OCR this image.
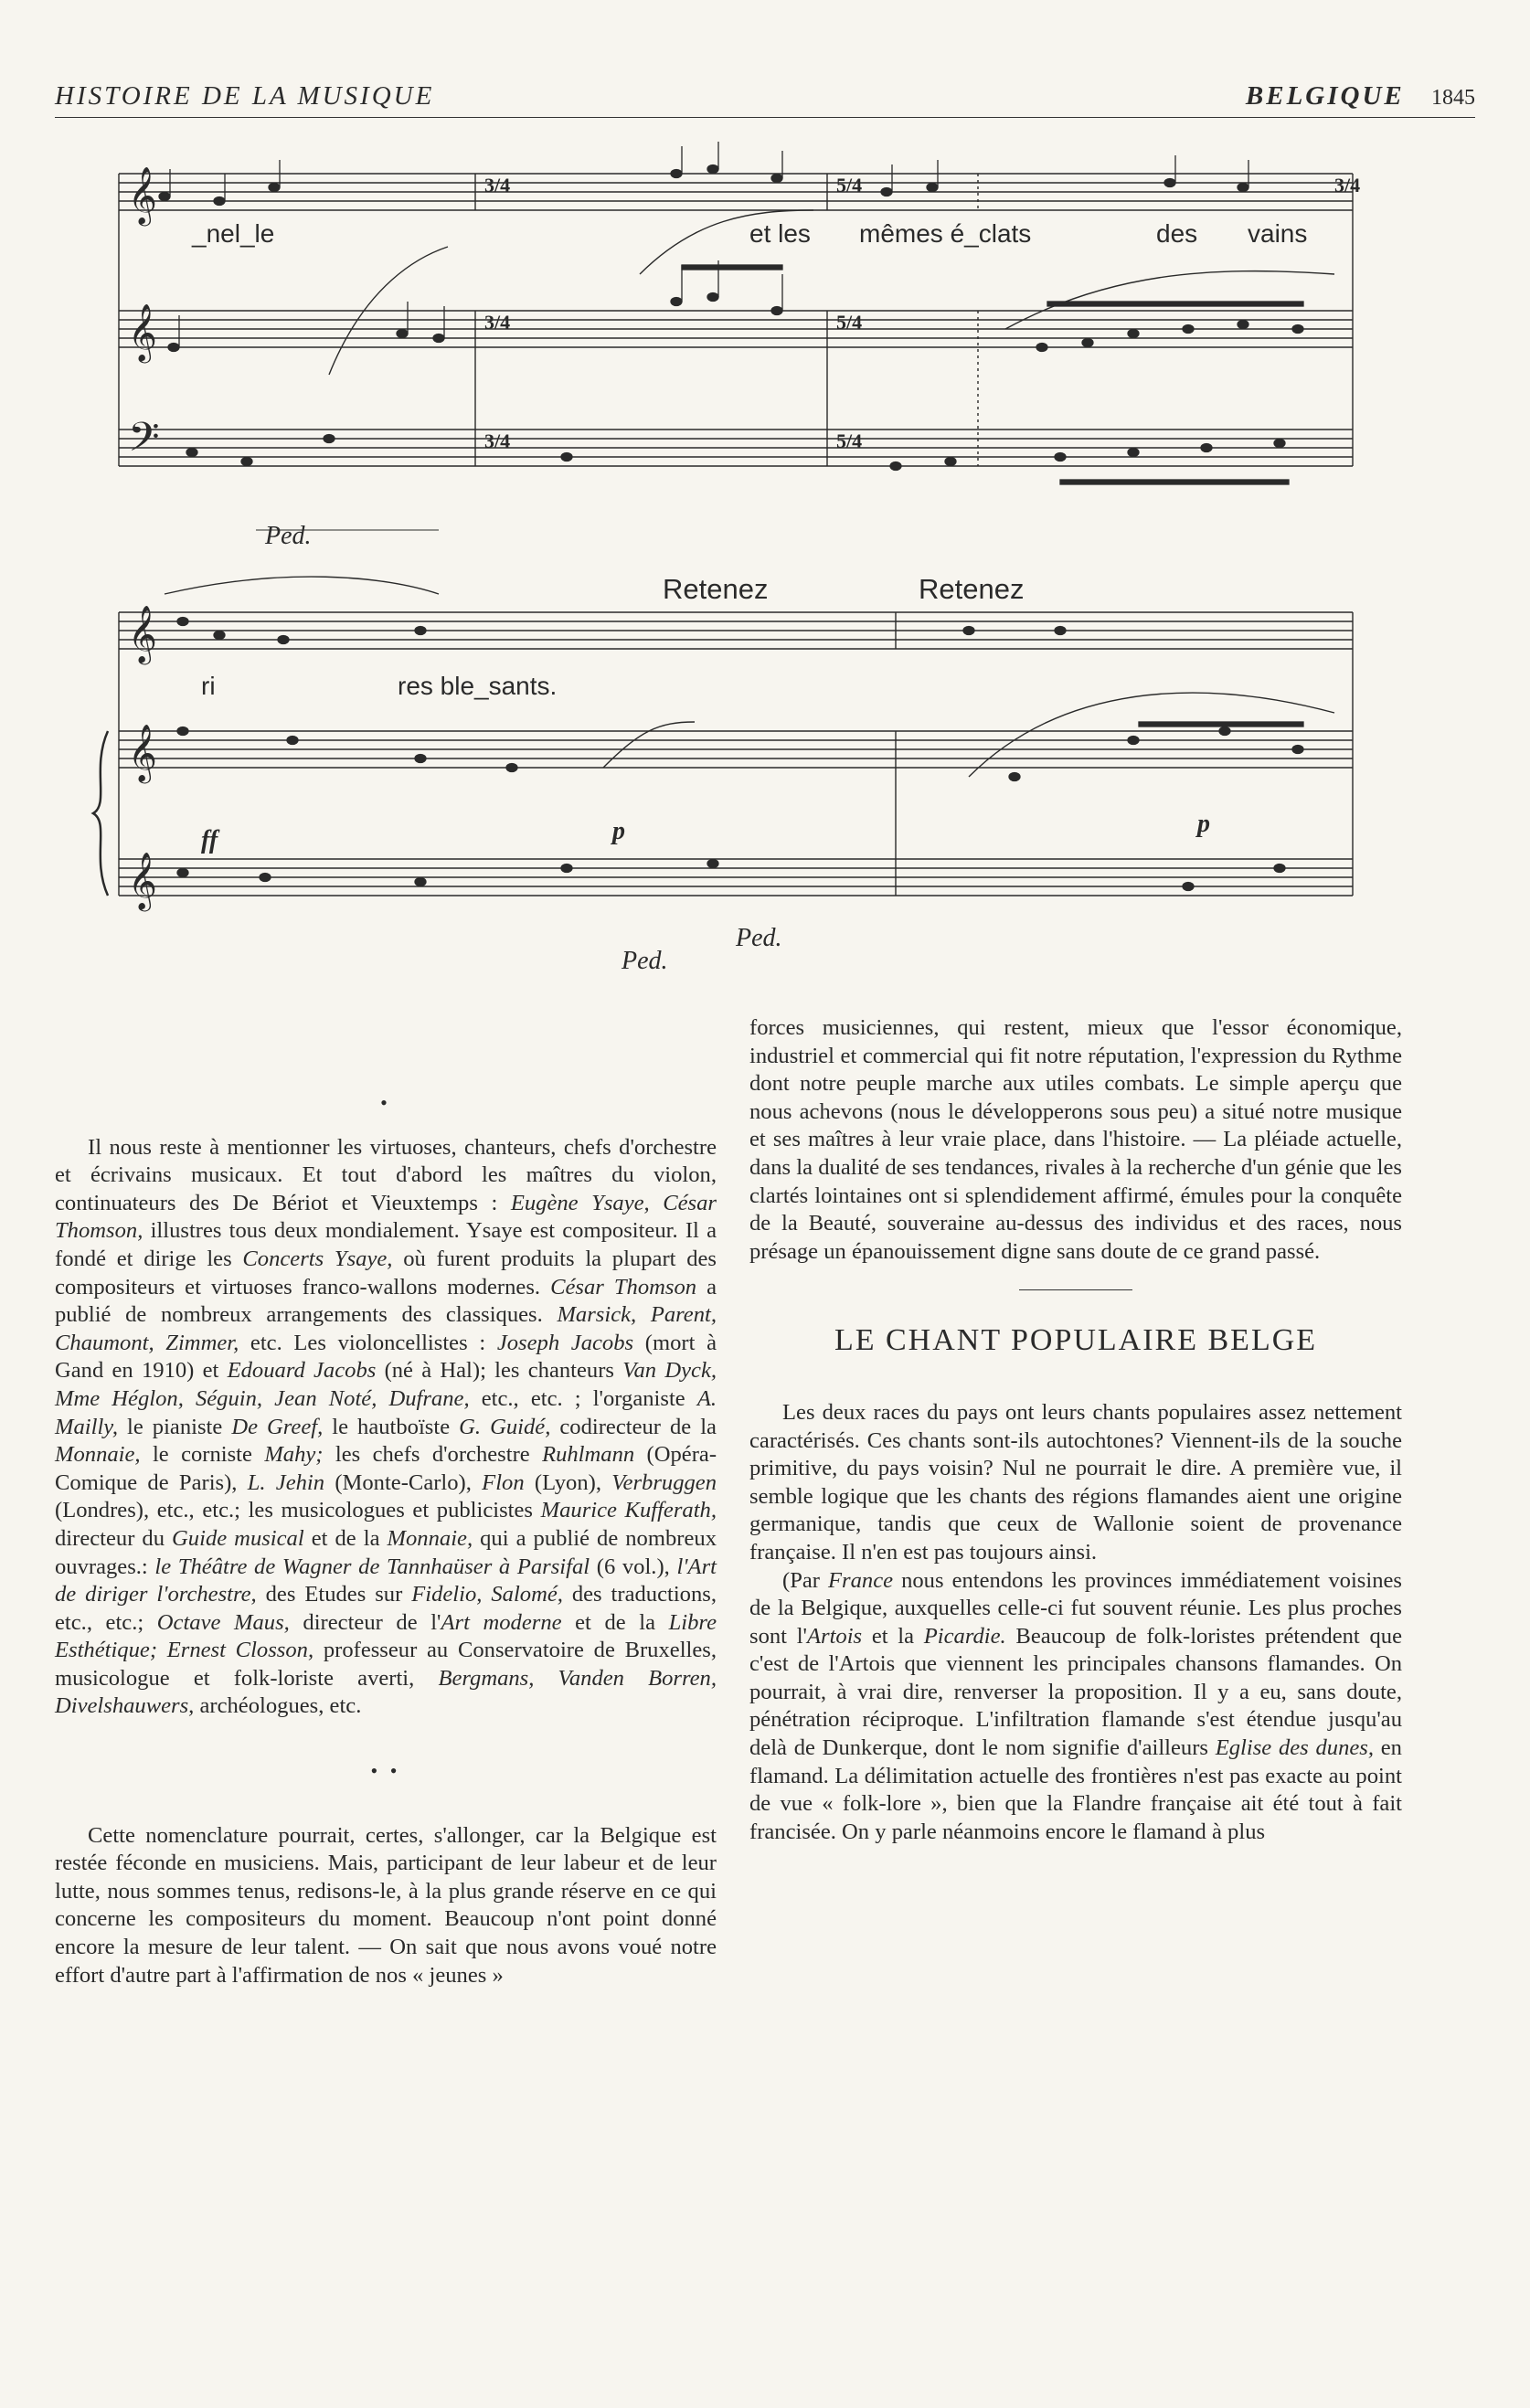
HISTOIRE DE LA MUSIQUE	BELGIQUE 1845
𝄞
𝄞
𝄢
𝄞
𝄞
𝄞
3/4	5/4	3/4
3/4	5/4
3/4	5/4
_nel_le	et les mêmes é_clats	des vains
Ped.
Retenez	Retenez
ri	res ble_sants.
ff	p	p
Ped.
Ped.
•

Il nous reste à mentionner les virtuoses, chanteurs, chefs d'orchestre et écrivains musicaux. Et tout d'abord les maîtres du violon, continuateurs des De Bériot et Vieuxtemps : Eugène Ysaye, César Thomson, illustres tous deux mondialement. Ysaye est compositeur. Il a fondé et dirige les Concerts Ysaye, où furent produits la plupart des compositeurs et virtuoses franco-wallons modernes. César Thomson a publié de nombreux arrangements des classiques. Marsick, Parent, Chaumont, Zimmer, etc. Les violoncellistes : Joseph Jacobs (mort à Gand en 1910) et Edouard Jacobs (né à Hal); les chanteurs Van Dyck, Mme Héglon, Séguin, Jean Noté, Dufrane, etc., etc. ; l'organiste A. Mailly, le pianiste De Greef, le hautboïste G. Guidé, codirecteur de la Monnaie, le corniste Mahy; les chefs d'orchestre Ruhlmann (Opéra-Comique de Paris), L. Jehin (Monte-Carlo), Flon (Lyon), Verbruggen (Londres), etc., etc.; les musicologues et publicistes Maurice Kufferath, directeur du Guide musical et de la Monnaie, qui a publié de nombreux ouvrages.: le Théâtre de Wagner de Tannhaüser à Parsifal (6 vol.), l'Art de diriger l'orchestre, des Etudes sur Fidelio, Salomé, des traductions, etc., etc.; Octave Maus, directeur de l'Art moderne et de la Libre Esthétique; Ernest Closson, professeur au Conservatoire de Bruxelles, musicologue et folk-loriste averti, Bergmans, Vanden Borren, Divelshauwers, archéologues, etc.

• •

Cette nomenclature pourrait, certes, s'allonger, car la Belgique est restée féconde en musiciens. Mais, participant de leur labeur et de leur lutte, nous sommes tenus, redisons-le, à la plus grande réserve en ce qui concerne les compositeurs du moment. Beaucoup n'ont point donné encore la mesure de leur talent. — On sait que nous avons voué notre effort d'autre part à l'affirmation de nos « jeunes »

forces musiciennes, qui restent, mieux que l'essor économique, industriel et commercial qui fit notre réputation, l'expression du Rythme dont notre peuple marche aux utiles combats. Le simple aperçu que nous achevons (nous le développerons sous peu) a situé notre musique et ses maîtres à leur vraie place, dans l'histoire. — La pléiade actuelle, dans la dualité de ses tendances, rivales à la recherche d'un génie que les clartés lointaines ont si splendidement affirmé, émules pour la conquête de la Beauté, souveraine au-dessus des individus et des races, nous présage un épanouissement digne sans doute de ce grand passé.

LE CHANT POPULAIRE BELGE

Les deux races du pays ont leurs chants populaires assez nettement caractérisés. Ces chants sont-ils autochtones? Viennent-ils de la souche primitive, du pays voisin? Nul ne pourrait le dire. A première vue, il semble logique que les chants des régions flamandes aient une origine germanique, tandis que ceux de Wallonie soient de provenance française. Il n'en est pas toujours ainsi.

(Par France nous entendons les provinces immédiatement voisines de la Belgique, auxquelles celle-ci fut souvent réunie. Les plus proches sont l'Artois et la Picardie. Beaucoup de folk-loristes prétendent que c'est de l'Artois que viennent les principales chansons flamandes. On pourrait, à vrai dire, renverser la proposition. Il y a eu, sans doute, pénétration réciproque. L'infiltration flamande s'est étendue jusqu'au delà de Dunkerque, dont le nom signifie d'ailleurs Eglise des dunes, en flamand. La délimitation actuelle des frontières n'est pas exacte au point de vue « folk-lore », bien que la Flandre française ait été tout à fait francisée. On y parle néanmoins encore le flamand à plus
